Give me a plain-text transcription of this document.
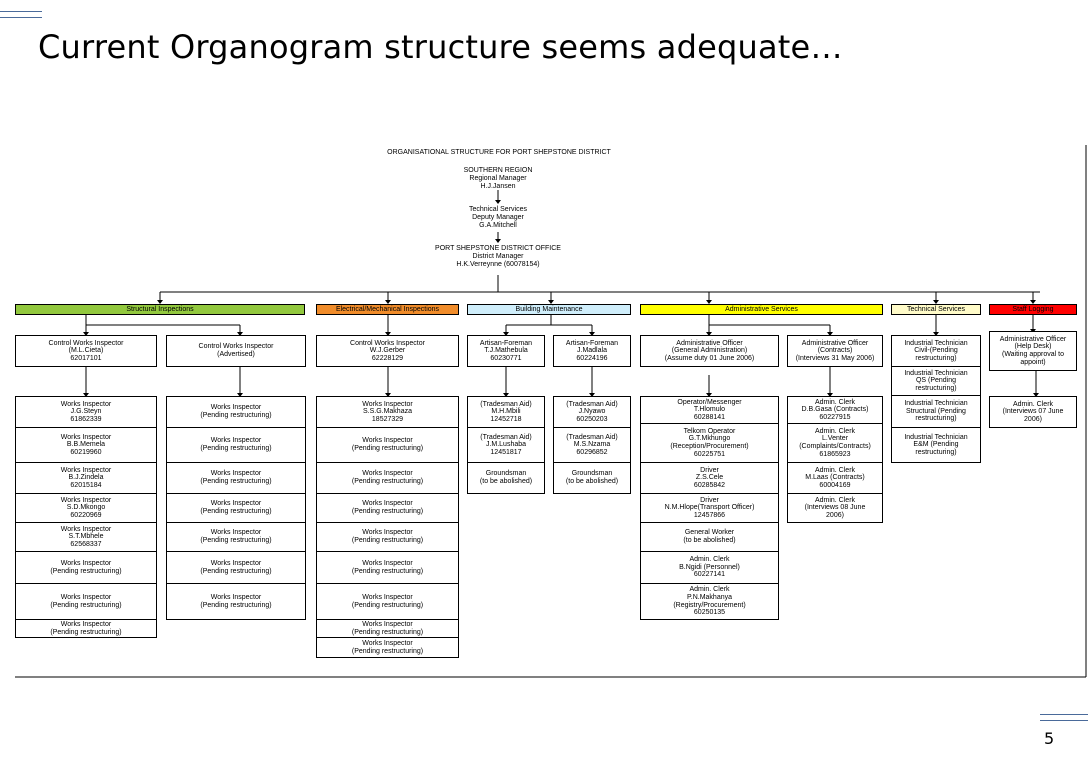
Current Organogram structure seems adequate…
5
ORGANISATIONAL STRUCTURE FOR PORT SHEPSTONE DISTRICT
SOUTHERN REGION
Regional Manager
H.J.Jansen
Technical Services
Deputy Manager
G.A.Mitchell
PORT SHEPSTONE DISTRICT OFFICE
District Manager
H.K.Verreynne (60078154)
Structural Inspections	Electrical/Mechanical Inspections	Building Maintenance	Administrative Services	Technical Services	Staff Logging
Control Works Inspector
(M.L.Cieta)
62017101
Control Works Inspector
(Advertised)
Control Works Inspector
W.J.Gerber
62228129
Artisan-Foreman
T.J.Mathebula
60230771
Artisan-Foreman
J.Madlala
60224196
Administrative Officer
(General Administration)
(Assume duty 01 June 2006)
Administrative Officer
(Contracts)
(Interviews 31 May 2006)
Industrial Technician
Civil-(Pending
restructuring)
Administrative Officer
(Help Desk)
(Waiting approval to
appoint)
Works Inspector
J.G.Steyn
61862339
Works Inspector
B.B.Memela
60219960
Works Inspector
B.J.Zindela
62015184
Works Inspector
S.D.Mkongo
60220969
Works Inspector
S.T.Mbhele
62568337
Works Inspector
(Pending restructuring)
Works Inspector
(Pending restructuring)
Works Inspector
(Pending restructuring)
Works Inspector
(Pending restructuring)
Works Inspector
(Pending restructuring)
Works Inspector
(Pending restructuring)
Works Inspector
(Pending restructuring)
Works Inspector
(Pending restructuring)
Works Inspector
(Pending restructuring)
Works Inspector
(Pending restructuring)
Works Inspector
S.S.G.Makhaza
18527329
Works Inspector
(Pending restructuring)
Works Inspector
(Pending restructuring)
Works Inspector
(Pending restructuring)
Works Inspector
(Pending restructuring)
Works Inspector
(Pending restructuring)
Works Inspector
(Pending restructuring)
Works Inspector
(Pending restructuring)
Works Inspector
(Pending restructuring)
(Tradesman Aid)
M.H.Mbili
12452718
(Tradesman Aid)
J.M.Lushaba
12451817
Groundsman
(to be abolished)
(Tradesman Aid)
J.Nyawo
60250203
(Tradesman Aid)
M.S.Nzama
60296852
Groundsman
(to be abolished)
Operator/Messenger
T.Hlomulo
60288141
Telkom Operator
G.T.Mkhungo
(Reception/Procurement)
60225751
Driver
Z.S.Cele
60285842
Driver
N.M.Hlope(Transport Officer)
12457866
General Worker
(to be abolished)
Admin. Clerk
B.Ngidi (Personnel)
60227141
Admin. Clerk
P.N.Makhanya
(Registry/Procurement)
60250135
Admin. Clerk
D.B.Gasa (Contracts)
60227915
Admin. Clerk
L.Venter
(Complaints/Contracts)
61865923
Admin. Clerk
M.Laas (Contracts)
60004169
Admin. Clerk
(Interviews 08 June
2006)
Industrial Technician
QS (Pending
restructuring)
Industrial Technician
Structural (Pending
restructuring)
Industrial Technician
E&M (Pending
restructuring)
Admin. Clerk
(Interviews 07 June
2006)
